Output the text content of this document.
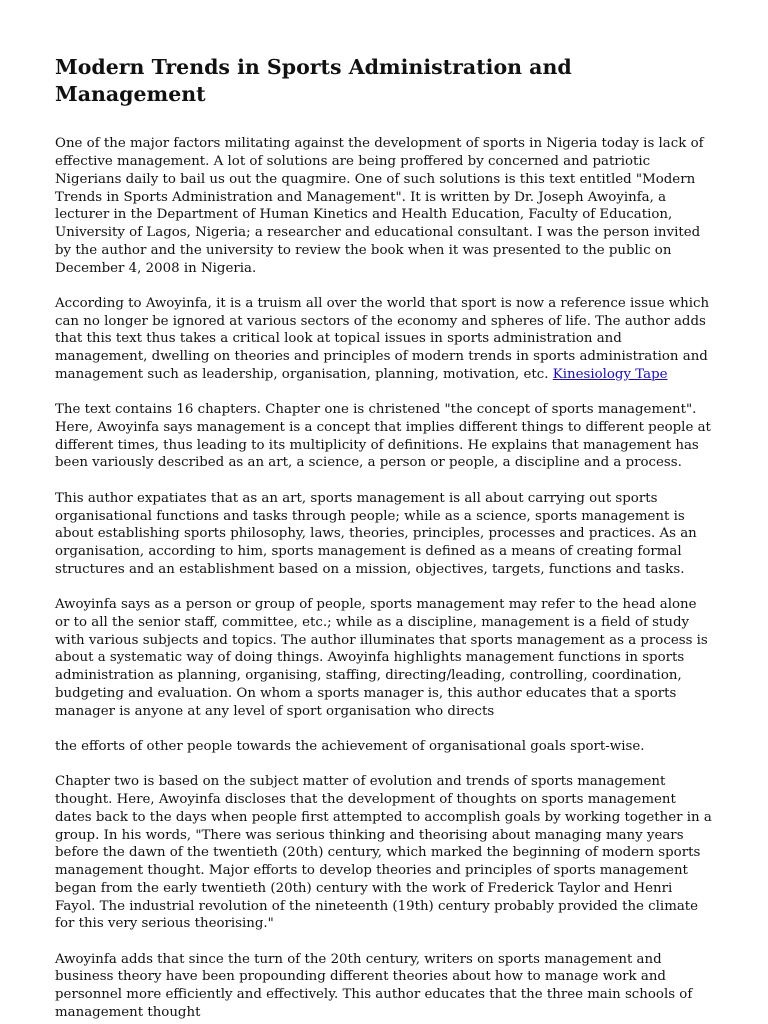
Modern Trends in Sports Administration and Management

One of the major factors militating against the development of sports in Nigeria today is lack of effective management. A lot of solutions are being proffered by concerned and patriotic Nigerians daily to bail us out the quagmire. One of such solutions is this text entitled "Modern Trends in Sports Administration and Management". It is written by Dr. Joseph Awoyinfa, a lecturer in the Department of Human Kinetics and Health Education, Faculty of Education, University of Lagos, Nigeria; a researcher and educational consultant. I was the person invited by the author and the university to review the book when it was presented to the public on December 4, 2008 in Nigeria.

According to Awoyinfa, it is a truism all over the world that sport is now a reference issue which can no longer be ignored at various sectors of the economy and spheres of life. The author adds that this text thus takes a critical look at topical issues in sports administration and management, dwelling on theories and principles of modern trends in sports administration and management such as leadership, organisation, planning, motivation, etc. Kinesiology Tape

The text contains 16 chapters. Chapter one is christened "the concept of sports management". Here, Awoyinfa says management is a concept that implies different things to different people at different times, thus leading to its multiplicity of definitions. He explains that management has been variously described as an art, a science, a person or people, a discipline and a process.

This author expatiates that as an art, sports management is all about carrying out sports organisational functions and tasks through people; while as a science, sports management is about establishing sports philosophy, laws, theories, principles, processes and practices. As an organisation, according to him, sports management is defined as a means of creating formal structures and an establishment based on a mission, objectives, targets, functions and tasks.

Awoyinfa says as a person or group of people, sports management may refer to the head alone or to all the senior staff, committee, etc.; while as a discipline, management is a field of study with various subjects and topics. The author illuminates that sports management as a process is about a systematic way of doing things. Awoyinfa highlights management functions in sports administration as planning, organising, staffing, directing/leading, controlling, coordination, budgeting and evaluation. On whom a sports manager is, this author educates that a sports manager is anyone at any level of sport organisation who directs

the efforts of other people towards the achievement of organisational goals sport-wise.

Chapter two is based on the subject matter of evolution and trends of sports management thought. Here, Awoyinfa discloses that the development of thoughts on sports management dates back to the days when people first attempted to accomplish goals by working together in a group. In his words, "There was serious thinking and theorising about managing many years before the dawn of the twentieth (20th) century, which marked the beginning of modern sports management thought. Major efforts to develop theories and principles of sports management began from the early twentieth (20th) century with the work of Frederick Taylor and Henri Fayol. The industrial revolution of the nineteenth (19th) century probably provided the climate for this very serious theorising."

Awoyinfa adds that since the turn of the 20th century, writers on sports management and business theory have been propounding different theories about how to manage work and personnel more efficiently and effectively. This author educates that the three main schools of management thought
